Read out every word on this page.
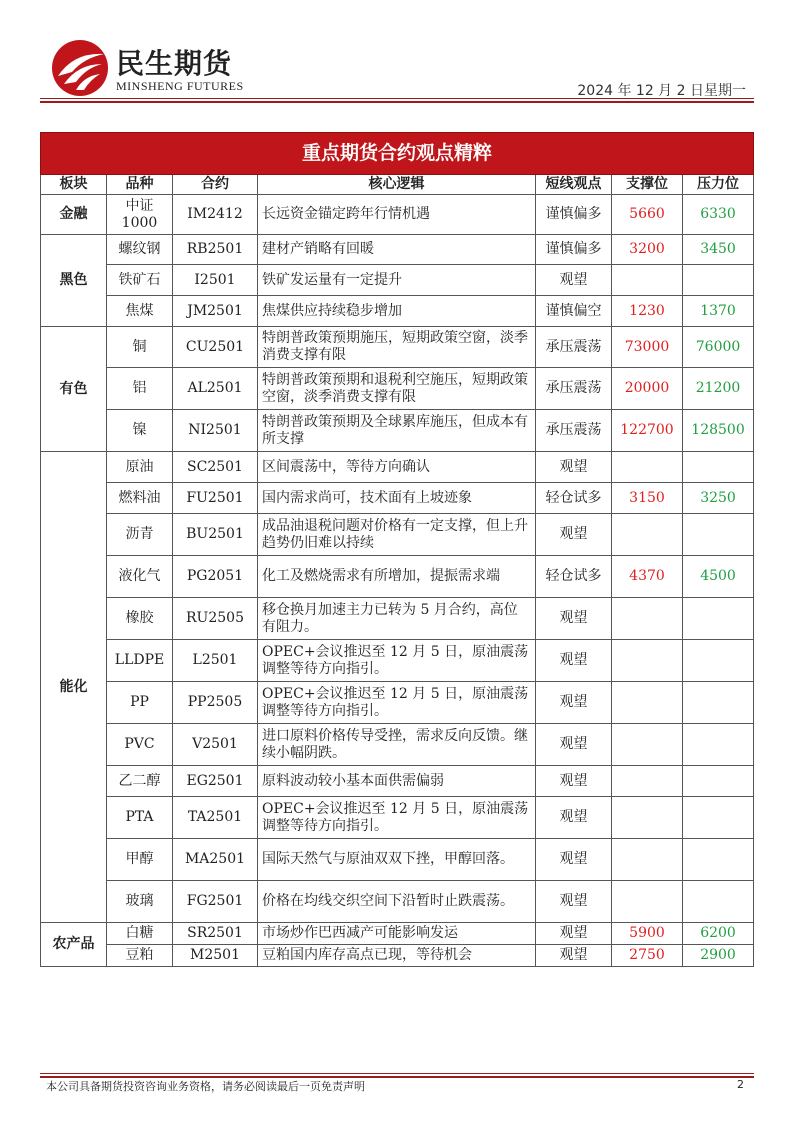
民生期货
MINSHENG FUTURES	2024 年 12 月 2 日星期一
重点期货合约观点精粹						
板块	品种	合约	核心逻辑	短线观点	支撑位	压力位
金融	中证 1000	IM2412	长远资金锚定跨年行情机遇	谨慎偏多	5660	6330
黑色	螺纹钢	RB2501	建材产销略有回暖	谨慎偏多	3200	3450
	铁矿石	I2501	铁矿发运量有一定提升	观望		
	焦煤	JM2501	焦煤供应持续稳步增加	谨慎偏空	1230	1370
有色	铜	CU2501	特朗普政策预期施压，短期政策空窗，淡季消费支撑有限	承压震荡	73000	76000
	铝	AL2501	特朗普政策预期和退税利空施压，短期政策空窗，淡季消费支撑有限	承压震荡	20000	21200
	镍	NI2501	特朗普政策预期及全球累库施压，但成本有所支撑	承压震荡	122700	128500
能化	原油	SC2501	区间震荡中，等待方向确认	观望		
	燃料油	FU2501	国内需求尚可，技术面有上坡迹象	轻仓试多	3150	3250
	沥青	BU2501	成品油退税问题对价格有一定支撑，但上升趋势仍旧难以持续	观望		
	液化气	PG2051	化工及燃烧需求有所增加，提振需求端	轻仓试多	4370	4500
	橡胶	RU2505	移仓换月加速主力已转为 5 月合约，高位有阻力。	观望		
	LLDPE	L2501	OPEC+会议推迟至 12 月 5 日，原油震荡调整等待方向指引。	观望		
	PP	PP2505	OPEC+会议推迟至 12 月 5 日，原油震荡调整等待方向指引。	观望		
	PVC	V2501	进口原料价格传导受挫，需求反向反馈。继续小幅阴跌。	观望		
	乙二醇	EG2501	原料波动较小基本面供需偏弱	观望		
	PTA	TA2501	OPEC+会议推迟至 12 月 5 日，原油震荡调整等待方向指引。	观望		
	甲醇	MA2501	国际天然气与原油双双下挫，甲醇回落。	观望		
	玻璃	FG2501	价格在均线交织空间下沿暂时止跌震荡。	观望		
农产品	白糖	SR2501	市场炒作巴西减产可能影响发运	观望	5900	6200
	豆粕	M2501	豆粕国内库存高点已现，等待机会	观望	2750	2900
本公司具备期货投资咨询业务资格，请务必阅读最后一页免责声明	2
